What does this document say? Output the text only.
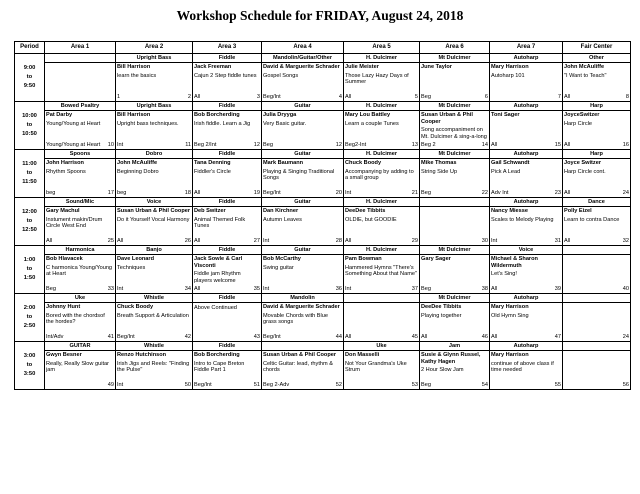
Workshop Schedule for FRIDAY, August 24, 2018
Period	Area 1	Area 2	Area 3	Area 4	Area 5	Area 6	Area 7	Fair Center

9:00
to
9:50		Upright Bass
Bill Harrison
learn the basics
1 2	Fiddle
Jack Freeman
Cajun 2 Step fiddle tunes
All 3	Mandolin/Guitar/Other
David & Marguerite Schrader
Gospel Songs
Beg/Int 4	H. Dulcimer
Julie Meister
Those Lazy Hazy Days of Summer
All 5	Mt Dulcimer
June Taylor
Beg 6	Autoharp
Mary Harrison
Autoharp 101
7	Other
John McAuliffe
"I Want to Teach"
All 8

10:00
to
10:50	Bowed Psaltry
Pat Darby
Young/Young at Heart
Young/Young at Heart 10	Upright Bass
Bill Harrison
Upright bass techniques.
Int 11	Fiddle
Bob Borcherding
Irish fiddle. Learn a Jig
Beg 2/Int 12	Guitar
Julia Dryyga
Very Basic guitar.
Beg 12	H. Dulcimer
Mary Lou Battley
Learn a couple Tunes
Beg2-Int 13	Mt Dulcimer
Susan Urban & Phil Cooper
Song accompaniment on Mt. Dulcimer & sing-a-long
Beg 2 14	Autoharp
Toni Sager
All 15	Harp
JoyceSwitzer
Harp Circle
All 16

11:00
to
11:50	Spoons
John Harrison
Rhythm Spoons
beg 17	Dobro
John McAuliffe
Beginning Dobro
beg 18	Fiddle
Tana Denning
Fiddler's Circle
All 19	Guitar
Mark Baumann
Playing & Singing Traditional Songs
Beg/Int 20	H. Dulcimer
Chuck Boody
Accompanying by adding to a small group
Int 21	Mt Dulcimer
Mike Thomas
String Side Up
Beg 22	Autoharp
Gail Schwandt
Pick A Lead
Adv Int 23	Harp
Joyce Switzer
Harp Circle cont.
All 24

12:00
to
12:50	Sound/Mic
Gary Machul
Instument makin/Drum Circle West End
All 25	Voice
Susan Urban & Phil Cooper
Do it Yourself Vocal Harmony
All 26	Fiddle
Deb Switzer
Animal Themed Folk Tunes
All 27	Guitar
Dan Kirchner
Autumn Leaves
Int 28	H. Dulcimer
DeeDee Tibbits
OLDIE, but GOODIE
All 29	30	Autoharp
Nancy Miesse
Scales to Melody Playing
Int 31	Dance
Polly Eizel
Learn to contra Dance
All 32

1:00
to
1:50	Harmonica
Bob Hlavacek
C harmonica Young/Young at Heart
Beg 33	Banjo
Dave Leonard
Techniques
Int 34	Fiddle
Jack Sowle & Carl Visconti
Fiddle jam Rhythm players welcome
All 35	Guitar
Bob McCarthy
Swing guitar
Int 36	H. Dulcimer
Pam Bowman
Hammered Hymns "There's Something About that Name"
Int 37	Mt Dulcimer
Gary Sager
Beg 38	Voice
Michael & Sharon Wildermuth
Let's Sing!
All 39	40

2:00
to
2:50	Uke
Johnny Hunt
Bored with the chordsof the hordes?
Int/Adv 41	Whistle
Chuck Boody
Breath Support & Articulation
Beg/Int 42	Fiddle
Above Continued
43	Mandolin
David & Marguerite Schrader
Movable Chords with Blue grass songs
Beg/Int 44	All 45	Mt Dulcimer
DeeDee Tibbits
Playing together
All 46	Autoharp
Mary Harrison
Old Hymn Sing
All 47	24

3:00
to
3:50	GUITAR
Gwyn Besner
Really, Really Slow guitar jam
49	Whistle
Renzo Hutchinson
Irish Jigs and Reels: "Finding the Pulse"
Int 50	Fiddle
Bob Borcherding
Intro to Cape Breton Fiddle Part 1
Beg/Int 51	Susan Urban & Phil Cooper
Celtic Guitar: lead, rhythm & chords
Beg 2-Adv 52	Uke
Don Masselli
Not Your Grandma's Uke Strum
53	Jam
Susie & Glynn Russel, Kathy Hagen
2 Hour Slow Jam
Beg 54	Autoharp
Mary Harrison
continue of above class if time needed
55	56
